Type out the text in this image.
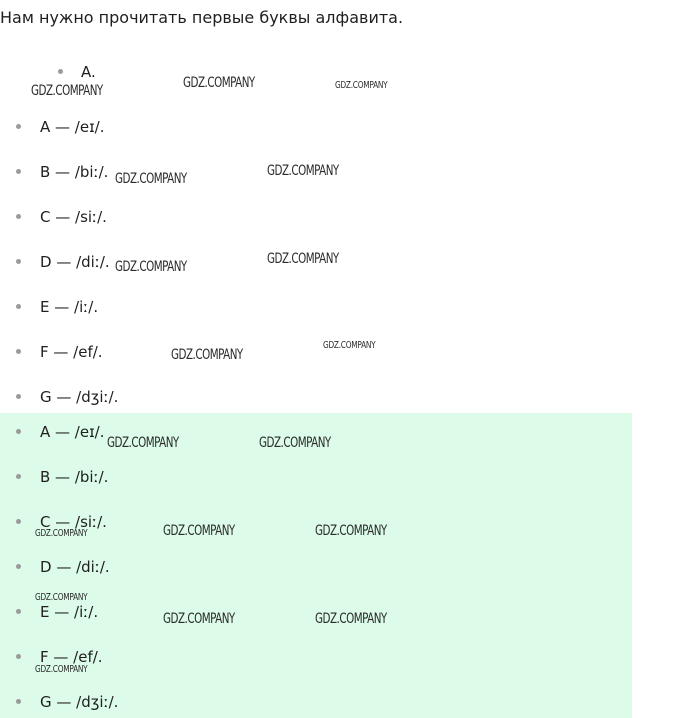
Нам нужно прочитать первые буквы алфавита.
A.
A — /eɪ/.
B — /biː/.
C — /siː/.
D — /diː/.
E — /iː/.
F — /ef/.
G — /dʒiː/.
A — /eɪ/.
B — /biː/.
C — /siː/.
D — /diː/.
E — /iː/.
F — /ef/.
G — /dʒiː/.
GDZ.COMPANY	GDZ.COMPANY	GDZ.COMPANY
GDZ.COMPANY	GDZ.COMPANY
GDZ.COMPANY	GDZ.COMPANY
GDZ.COMPANY
GDZ.COMPANY
GDZ.COMPANY	GDZ.COMPANY
GDZ.COMPANY	GDZ.COMPANY	GDZ.COMPANY
GDZ.COMPANY
GDZ.COMPANY	GDZ.COMPANY
GDZ.COMPANY
